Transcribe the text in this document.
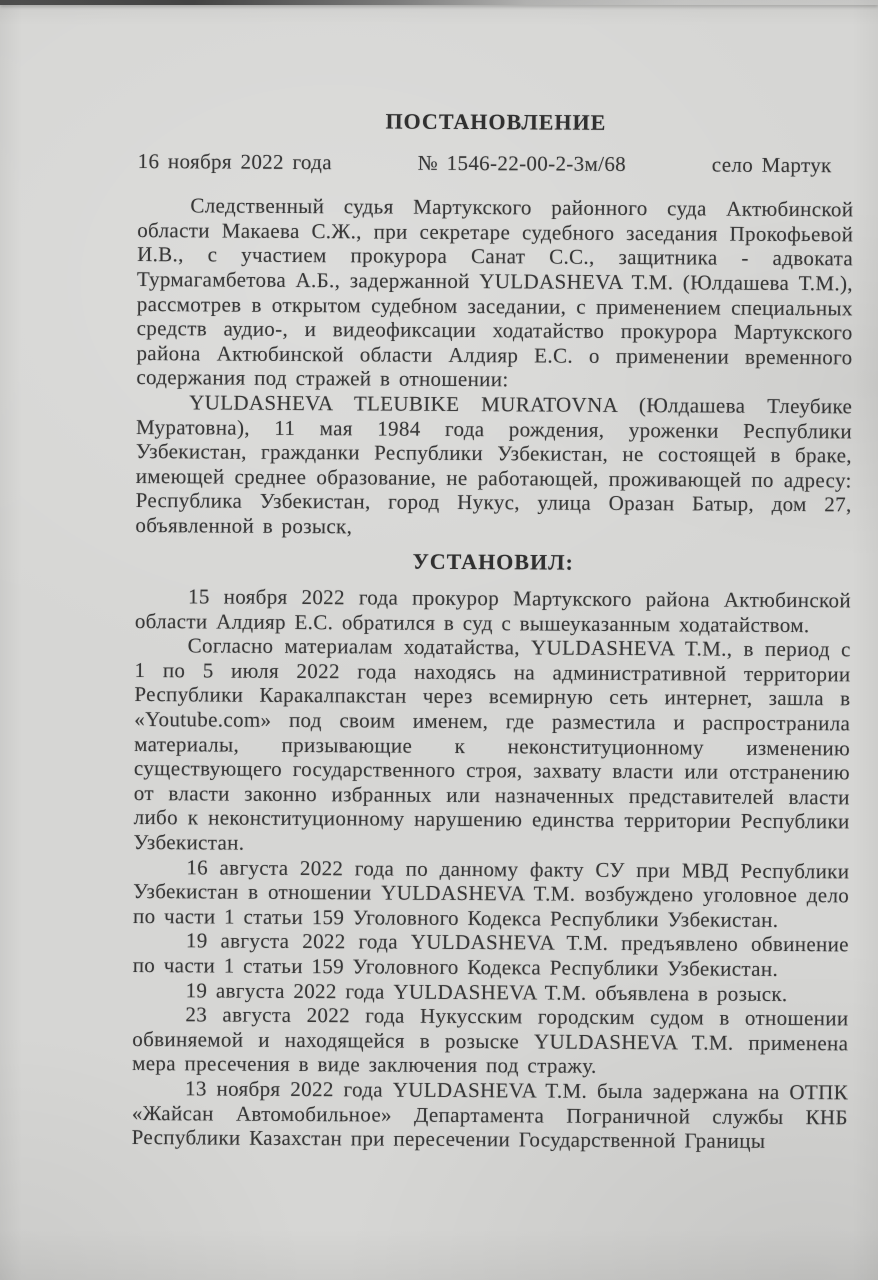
ПОСТАНОВЛЕНИЕ
16 ноября 2022 года	№ 1546-22-00-2-3м/68	село Мартук

Следственный судья Мартукского районного суда Актюбинской области Макаева С.Ж., при секретаре судебного заседания Прокофьевой И.В., с участием прокурора Санат С.С., защитника - адвоката Турмагамбетова А.Б., задержанной YULDASHEVA T.M. (Юлдашева Т.М.), рассмотрев в открытом судебном заседании, с применением специальных средств аудио-, и видеофиксации ходатайство прокурора Мартукского района Актюбинской области Алдияр Е.С. о применении временного содержания под стражей в отношении:

YULDASHEVA TLEUBIKE MURATOVNA (Юлдашева Тлеубике Муратовна), 11 мая 1984 года рождения, уроженки Республики Узбекистан, гражданки Республики Узбекистан, не состоящей в браке, имеющей среднее образование, не работающей, проживающей по адресу: Республика Узбекистан, город Нукус, улица Оразан Батыр, дом 27, объявленной в розыск,

УСТАНОВИЛ:

15 ноября 2022 года прокурор Мартукского района Актюбинской области Алдияр Е.С. обратился в суд с вышеуказанным ходатайством.

Согласно материалам ходатайства, YULDASHEVA T.M., в период с 1 по 5 июля 2022 года находясь на административной территории Республики Каракалпакстан через всемирную сеть интернет, зашла в «Youtube.com» под своим именем, где разместила и распространила материалы, призывающие к неконституционному изменению существующего государственного строя, захвату власти или отстранению от власти законно избранных или назначенных представителей власти либо к неконституционному нарушению единства территории Республики Узбекистан.

16 августа 2022 года по данному факту СУ при МВД Республики Узбекистан в отношении YULDASHEVA T.M. возбуждено уголовное дело по части 1 статьи 159 Уголовного Кодекса Республики Узбекистан.

19 августа 2022 года YULDASHEVA T.M. предъявлено обвинение по части 1 статьи 159 Уголовного Кодекса Республики Узбекистан.

19 августа 2022 года YULDASHEVA T.M. объявлена в розыск.

23 августа 2022 года Нукусским городским судом в отношении обвиняемой и находящейся в розыске YULDASHEVA T.M. применена мера пресечения в виде заключения под стражу.

13 ноября 2022 года YULDASHEVA T.M. была задержана на ОТПК «Жайсан Автомобильное» Департамента Пограничной службы КНБ Республики Казахстан при пересечении Государственной Границы
